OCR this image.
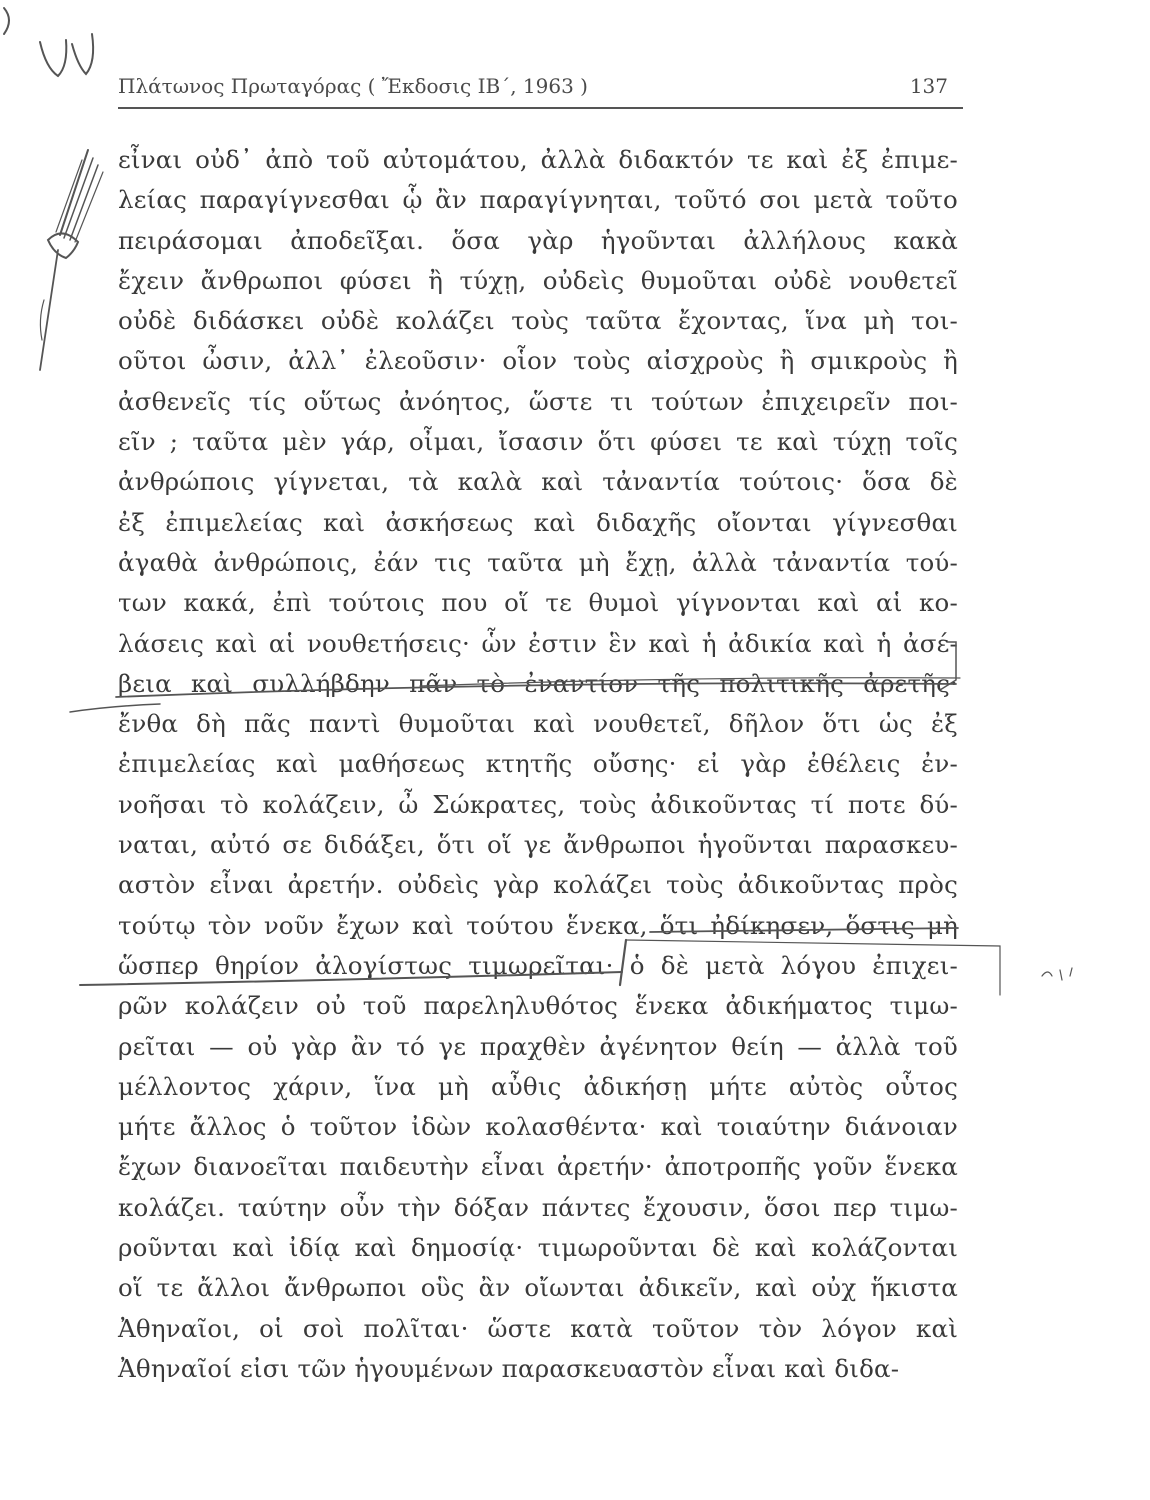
Πλάτωνος Πρωταγόρας ( Ἔκδοσις ΙΒ΄, 1963 )	137
εἶναι οὐδ᾽ ἀπὸ τοῦ αὐτομάτου, ἀλλὰ διδακτόν τε καὶ ἐξ ἐπιμε-
λείας παραγίγνεσθαι ᾧ ἂν παραγίγνηται, τοῦτό σοι μετὰ τοῦτο
πειράσομαι ἀποδεῖξαι. ὅσα γὰρ ἡγοῦνται ἀλλήλους κακὰ
ἔχειν ἄνθρωποι φύσει ἢ τύχῃ, οὐδεὶς θυμοῦται οὐδὲ νουθετεῖ
οὐδὲ διδάσκει οὐδὲ κολάζει τοὺς ταῦτα ἔχοντας, ἵνα μὴ τοι-
οῦτοι ὦσιν, ἀλλ᾽ ἐλεοῦσιν· οἷον τοὺς αἰσχροὺς ἢ σμικροὺς ἢ
ἀσθενεῖς τίς οὕτως ἀνόητος, ὥστε τι τούτων ἐπιχειρεῖν ποι-
εῖν ; ταῦτα μὲν γάρ, οἶμαι, ἴσασιν ὅτι φύσει τε καὶ τύχῃ τοῖς
ἀνθρώποις γίγνεται, τὰ καλὰ καὶ τἀναντία τούτοις· ὅσα δὲ
ἐξ ἐπιμελείας καὶ ἀσκήσεως καὶ διδαχῆς οἴονται γίγνεσθαι
ἀγαθὰ ἀνθρώποις, ἐάν τις ταῦτα μὴ ἔχῃ, ἀλλὰ τἀναντία τού-
των κακά, ἐπὶ τούτοις που οἵ τε θυμοὶ γίγνονται καὶ αἱ κο-
λάσεις καὶ αἱ νουθετήσεις· ὧν ἐστιν ἓν καὶ ἡ ἀδικία καὶ ἡ ἀσέ-
βεια καὶ συλλήβδην πᾶν τὸ ἐναντίον τῆς πολιτικῆς ἀρετῆς·
ἔνθα δὴ πᾶς παντὶ θυμοῦται καὶ νουθετεῖ, δῆλον ὅτι ὡς ἐξ
ἐπιμελείας καὶ μαθήσεως κτητῆς οὔσης· εἰ γὰρ ἐθέλεις ἐν-
νοῆσαι τὸ κολάζειν, ὦ Σώκρατες, τοὺς ἀδικοῦντας τί ποτε δύ-
ναται, αὐτό σε διδάξει, ὅτι οἵ γε ἄνθρωποι ἡγοῦνται παρασκευ-
αστὸν εἶναι ἀρετήν. οὐδεὶς γὰρ κολάζει τοὺς ἀδικοῦντας πρὸς
τούτῳ τὸν νοῦν ἔχων καὶ τούτου ἕνεκα, ὅτι ἠδίκησεν, ὅστις μὴ
ὥσπερ θηρίον ἀλογίστως τιμωρεῖται· ὁ δὲ μετὰ λόγου ἐπιχει-
ρῶν κολάζειν οὐ τοῦ παρεληλυθότος ἕνεκα ἀδικήματος τιμω-
ρεῖται — οὐ γὰρ ἂν τό γε πραχθὲν ἀγένητον θείη — ἀλλὰ τοῦ
μέλλοντος χάριν, ἵνα μὴ αὖθις ἀδικήσῃ μήτε αὐτὸς οὗτος
μήτε ἄλλος ὁ τοῦτον ἰδὼν κολασθέντα· καὶ τοιαύτην διάνοιαν
ἔχων διανοεῖται παιδευτὴν εἶναι ἀρετήν· ἀποτροπῆς γοῦν ἕνεκα
κολάζει. ταύτην οὖν τὴν δόξαν πάντες ἔχουσιν, ὅσοι περ τιμω-
ροῦνται καὶ ἰδίᾳ καὶ δημοσίᾳ· τιμωροῦνται δὲ καὶ κολάζονται
οἵ τε ἄλλοι ἄνθρωποι οὓς ἂν οἴωνται ἀδικεῖν, καὶ οὐχ ἥκιστα
Ἀθηναῖοι, οἱ σοὶ πολῖται· ὥστε κατὰ τοῦτον τὸν λόγον καὶ
Ἀθηναῖοί εἰσι τῶν ἡγουμένων παρασκευαστὸν εἶναι καὶ διδα-
